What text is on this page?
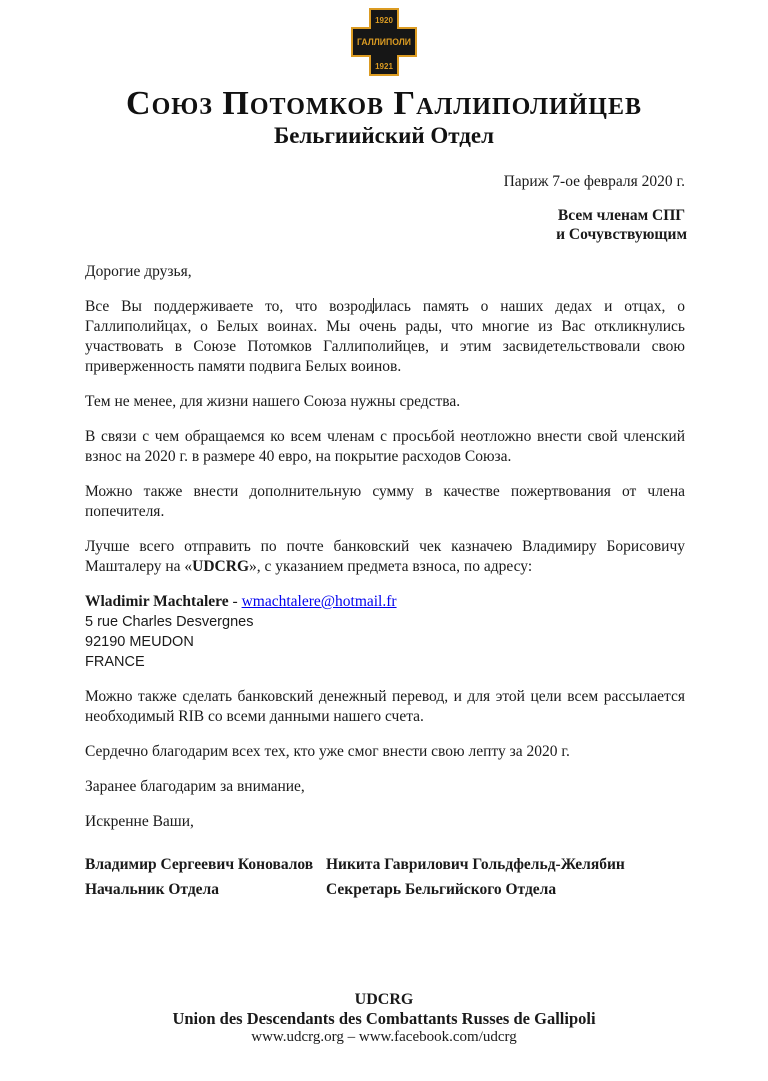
1920
ГАЛЛИПОЛИ
1921
Союз Потомков Галлиполийцев
Бельгиийский Отдел
Париж 7-ое февраля 2020 г.
Всем членам СПГ
и Сочувствующим

Дорогие друзья,

Все Вы поддерживаете то, что возродилась память о наших дедах и отцах, о Галлиполийцах, о Белых воинах. Мы очень рады, что многие из Вас откликнулись участвовать в Союзе Потомков Галлиполийцев, и этим засвидетельствовали свою приверженность памяти подвига Белых воинов.

Тем не менее, для жизни нашего Союза нужны средства.

В связи с чем обращаемся ко всем членам с просьбой неотложно внести свой членский взнос на 2020 г. в размере 40 евро, на покрытие расходов Союза.

Можно также внести дополнительную сумму в качестве пожертвования от члена попечителя.

Лучше всего отправить по почте банковский чек казначею Владимиру Борисовичу Машталеру на «UDCRG», с указанием предмета взноса, по адресу:

Wladimir Machtalere - wmachtalere@hotmail.fr
5 rue Charles Desvergnes
92190 MEUDON
FRANCE

Можно также сделать банковский денежный перевод, и для этой цели всем рассылается необходимый RIB со всеми данными нашего счета.

Сердечно благодарим всех тех, кто уже смог внести свою лепту за 2020 г.

Заранее благодарим за внимание,

Искренне Ваши,

Владимир Сергеевич Коновалов
Начальник Отдела
Никита Гаврилович Гольдфельд-Желябин
Секретарь Бельгийского Отдела
UDCRG
Union des Descendants des Combattants Russes de Gallipoli
www.udcrg.org – www.facebook.com/udcrg
